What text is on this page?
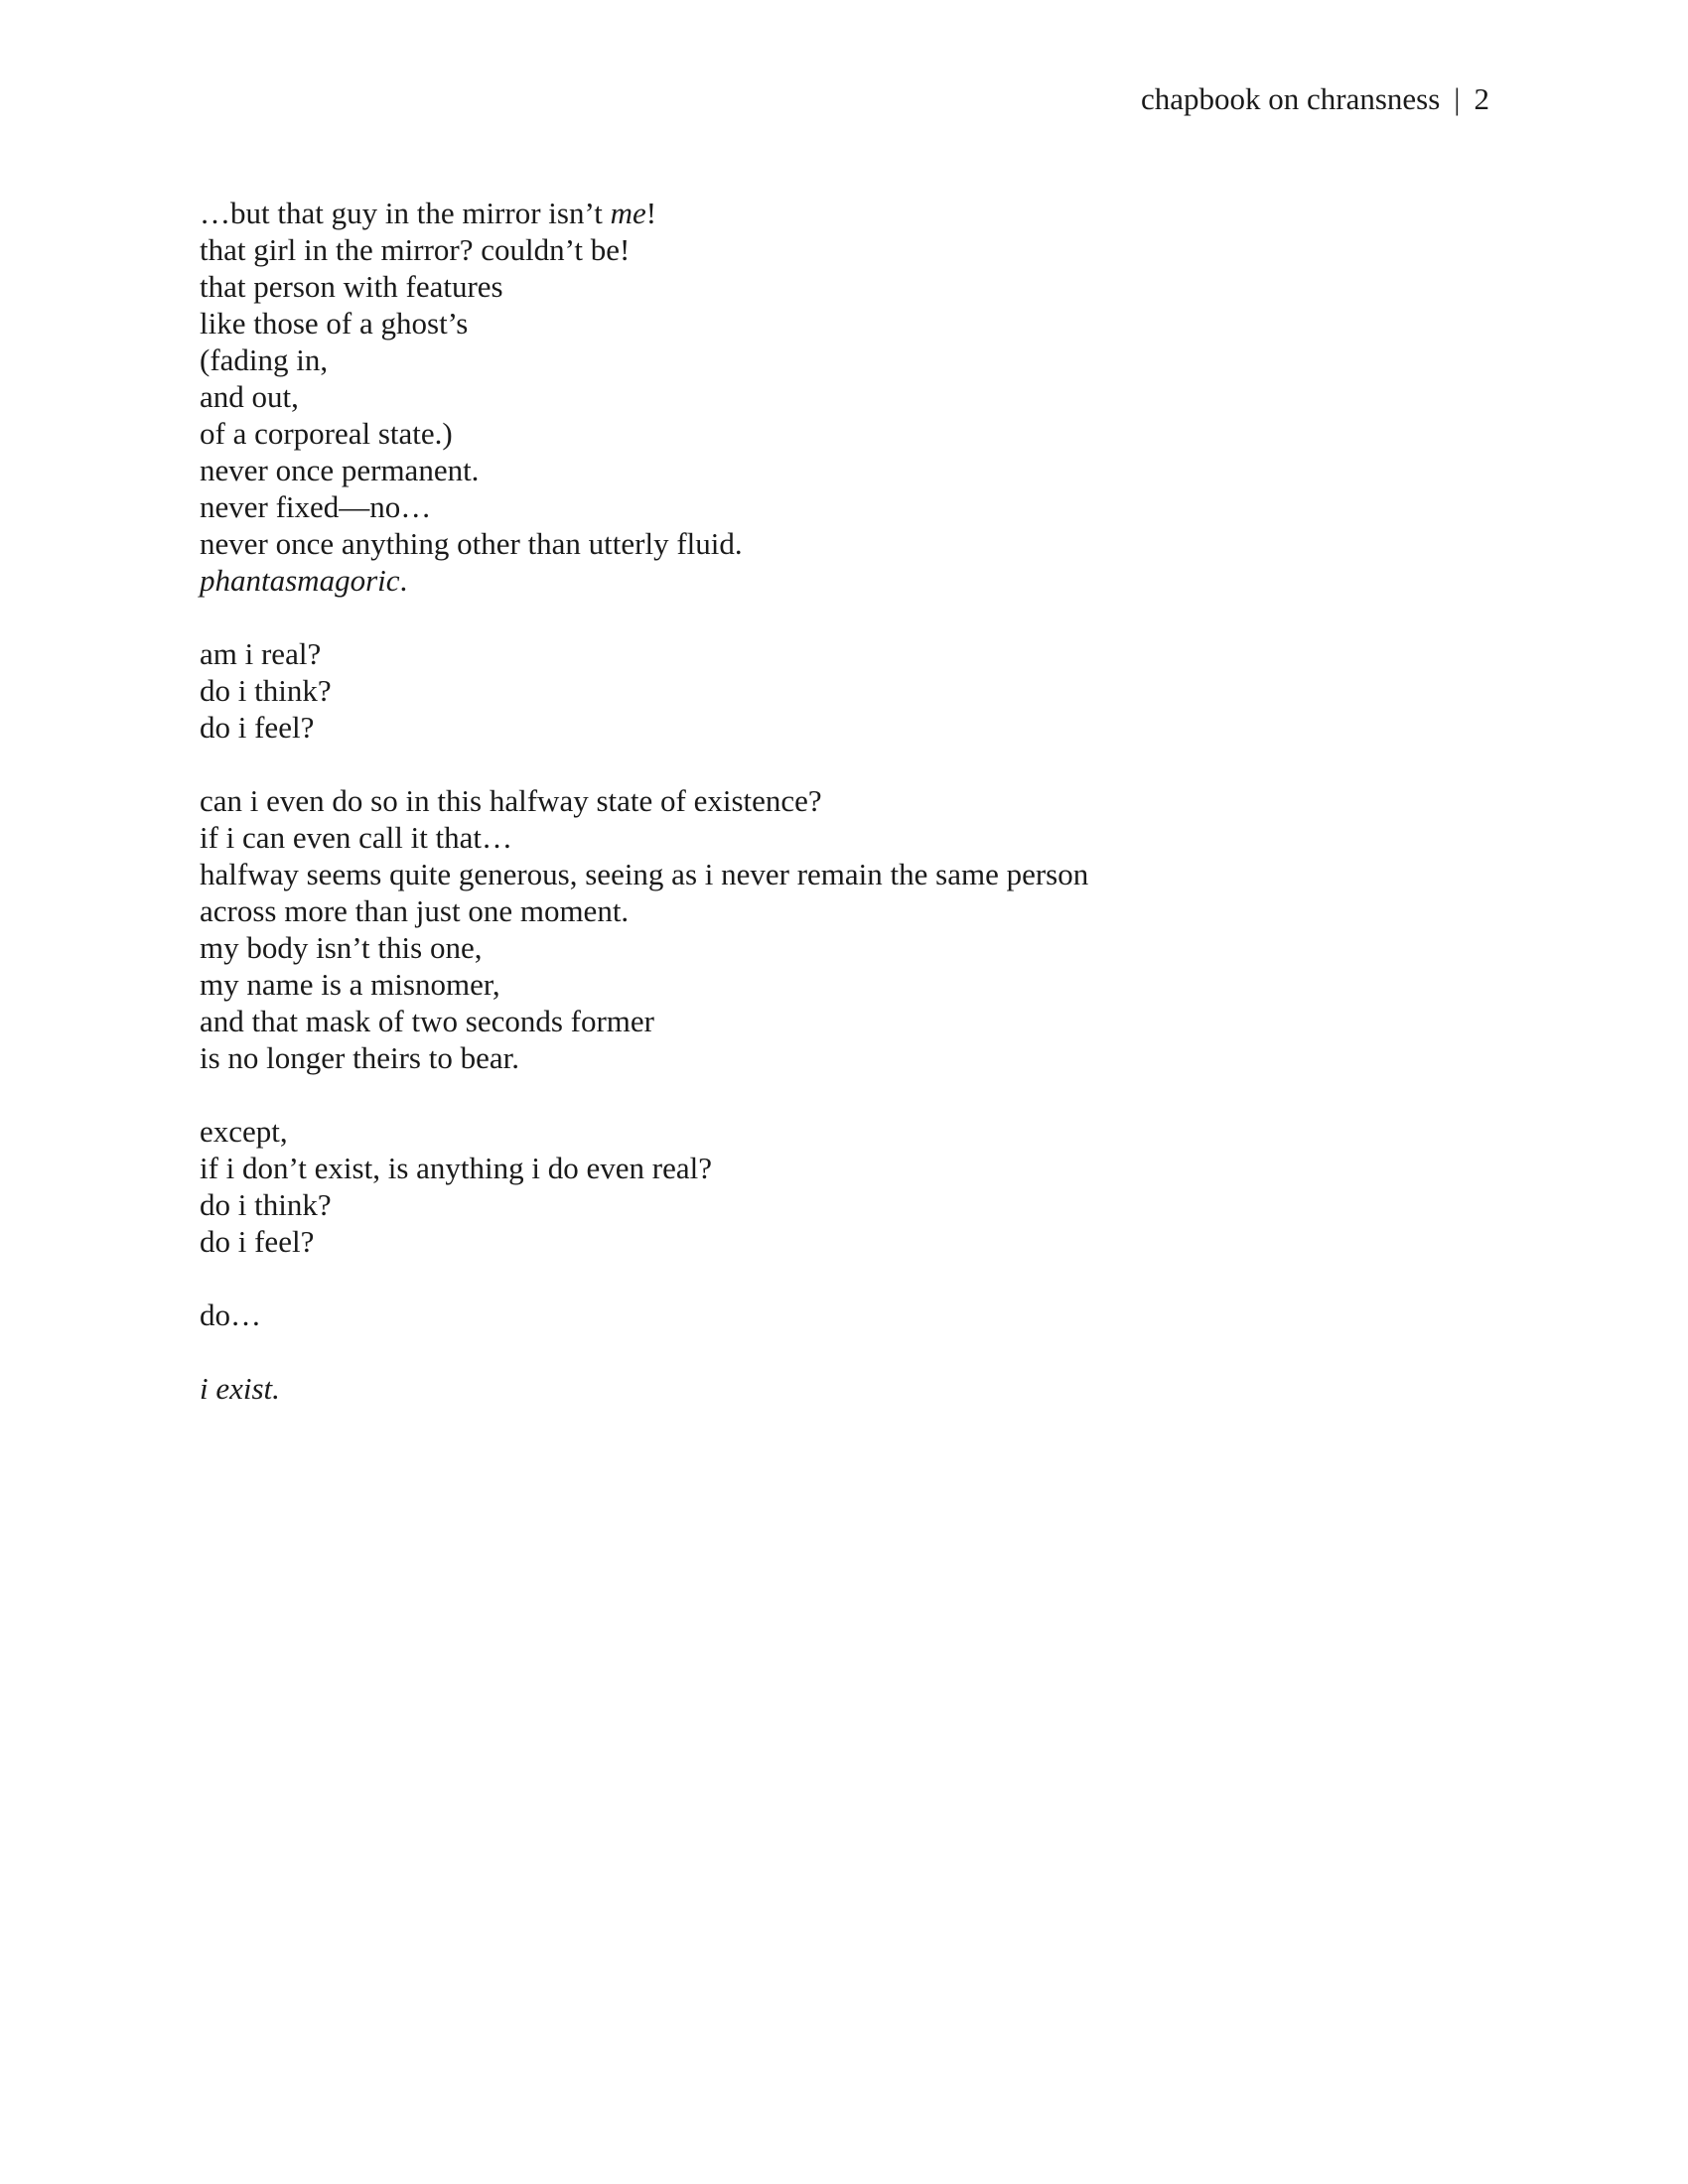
chapbook on chransness | 2
…but that guy in the mirror isn’t me!
that girl in the mirror? couldn’t be!
that person with features
like those of a ghost’s
(fading in,
and out,
of a corporeal state.)
never once permanent.
never fixed—no…
never once anything other than utterly fluid.
phantasmagoric.
am i real?
do i think?
do i feel?
can i even do so in this halfway state of existence?
if i can even call it that…
halfway seems quite generous, seeing as i never remain the same person
across more than just one moment.
my body isn’t this one,
my name is a misnomer,
and that mask of two seconds former
is no longer theirs to bear.
except,
if i don’t exist, is anything i do even real?
do i think?
do i feel?
do…
i exist.
